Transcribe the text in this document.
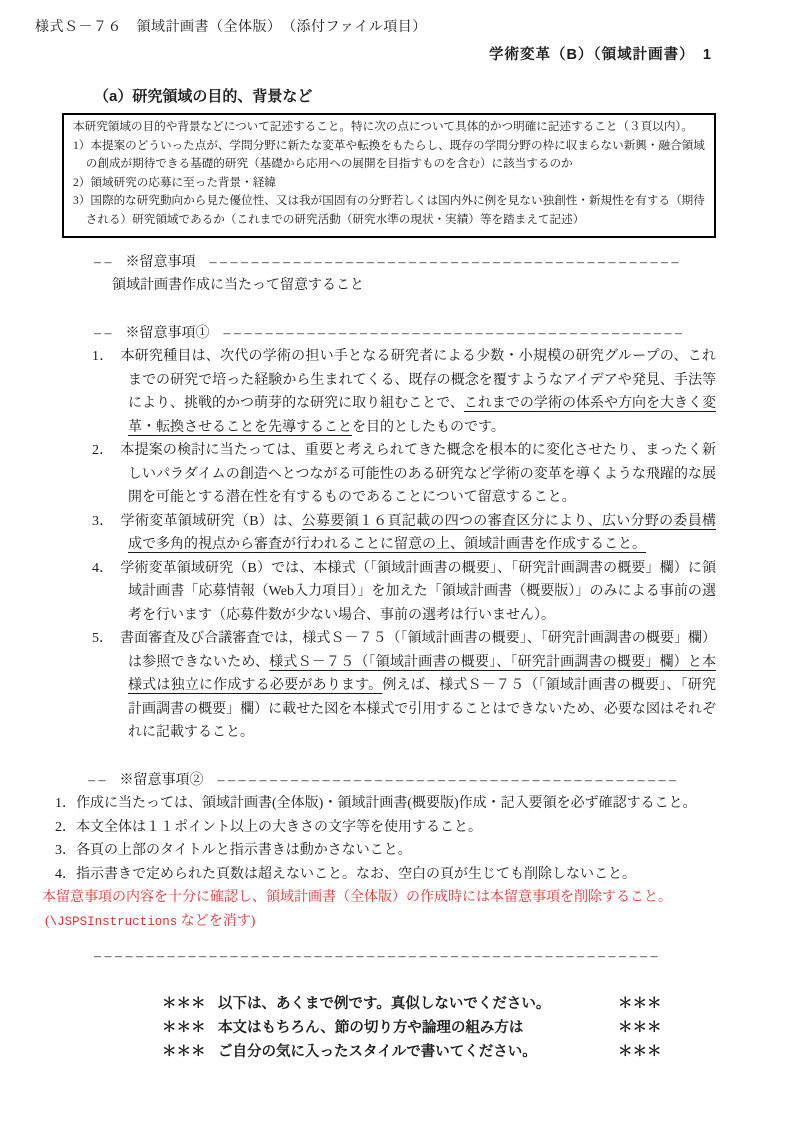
様式Ｓ－７６　領域計画書（全体版）　（添付ファイル項目）
学術変革（B）（領域計画書）　1
（a）研究領域の目的、背景など
本研究領域の目的や背景などについて記述すること。特に次の点について具体的かつ明確に記述すること（３頁以内）。
1）本提案のどういった点が、学問分野に新たな変革や転換をもたらし、既存の学問分野の枠に収まらない新興・融合領域の創成が期待できる基礎的研究（基礎から応用への展開を目指すものを含む）に該当するのか
2）領域研究の応募に至った背景・経緯
3）国際的な研究動向から見た優位性、又は我が国固有の分野若しくは国内外に例を見ない独創性・新規性を有する（期待される）研究領域であるか（これまでの研究活動（研究水準の現状・実績）等を踏まえて記述）
– –　※留意事項　– – – – – – – – – – – – – – – – – – – – – – – – – – – – – – – – – – – – – – – – – – – – –
領域計画書作成に当たって留意すること
– –　※留意事項①　– – – – – – – – – – – – – – – – – – – – – – – – – – – – – – – – – – – – – – – – – – – –
1． 本研究種目は、次代の学術の担い手となる研究者による少数・小規模の研究グループの、これまでの研究で培った経験から生まれてくる、既存の概念を覆すようなアイデアや発見、手法等により、挑戦的かつ萌芽的な研究に取り組むことで、これまでの学術の体系や方向を大きく変革・転換させることを先導することを目的としたものです。
2． 本提案の検討に当たっては、重要と考えられてきた概念を根本的に変化させたり、まったく新しいパラダイムの創造へとつながる可能性のある研究など学術の変革を導くような飛躍的な展開を可能とする潜在性を有するものであることについて留意すること。
3． 学術変革領域研究（B）は、公募要領１６頁記載の四つの審査区分により、広い分野の委員構成で多角的視点から審査が行われることに留意の上、領域計画書を作成すること。
4． 学術変革領域研究（B）では、本様式（「領域計画書の概要」、「研究計画調書の概要」欄）に領域計画書「応募情報（Web入力項目）」を加えた「領域計画書（概要版）」のみによる事前の選考を行います（応募件数が少ない場合、事前の選考は行いません）。
5． 書面審査及び合議審査では，様式Ｓ－７５（「領域計画書の概要」、「研究計画調書の概要」欄）は参照できないため、様式Ｓ－７５（「領域計画書の概要」、「研究計画調書の概要」欄）と本様式は独立に作成する必要があります。例えば、様式Ｓ－７５（「領域計画書の概要」、「研究計画調書の概要」欄）に載せた図を本様式で引用することはできないため、必要な図はそれぞれに記載すること。
– –　※留意事項②　– – – – – – – – – – – – – – – – – – – – – – – – – – – – – – – – – – – – – – – – – – – –
1．作成に当たっては、領域計画書(全体版)・領域計画書(概要版)作成・記入要領を必ず確認すること。
2．本文全体は１１ポイント以上の大きさの文字等を使用すること。
3．各頁の上部のタイトルと指示書きは動かさないこと。
4．指示書きで定められた頁数は超えないこと。なお、空白の頁が生じても削除しないこと。
本留意事項の内容を十分に確認し、領域計画書（全体版）の作成時には本留意事項を削除すること。
(\JSPSInstructions などを消す)
– – – – – – – – – – – – – – – – – – – – – – – – – – – – – – – – – – – – – – – – – – – – – – – – – – – – – –
＊＊＊ 以下は、あくまで例です。真似しないでください。	＊＊＊
＊＊＊ 本文はもちろん、節の切り方や論理の組み方は	＊＊＊
＊＊＊ ご自分の気に入ったスタイルで書いてください。	＊＊＊
